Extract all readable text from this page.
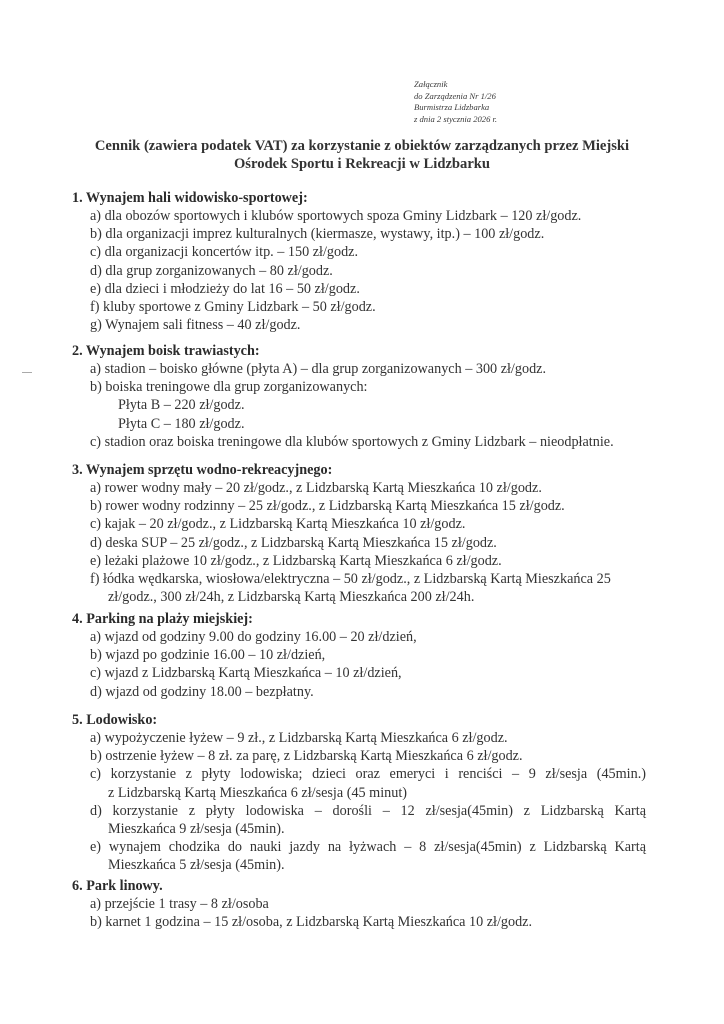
Załącznik
do Zarządzenia Nr 1/26
Burmistrza Lidzbarka
z dnia 2 stycznia 2026 r.
Cennik (zawiera podatek VAT) za korzystanie z obiektów zarządzanych przez Miejski
Ośrodek Sportu i Rekreacji w Lidzbarku
1. Wynajem hali widowisko-sportowej:
a) dla obozów sportowych i klubów sportowych spoza Gminy Lidzbark – 120 zł/godz.
b) dla organizacji imprez kulturalnych (kiermasze, wystawy, itp.) – 100 zł/godz.
c) dla organizacji koncertów itp. – 150 zł/godz.
d) dla grup zorganizowanych – 80 zł/godz.
e) dla dzieci i młodzieży do lat 16 – 50 zł/godz.
f) kluby sportowe z Gminy Lidzbark – 50 zł/godz.
g) Wynajem sali fitness – 40 zł/godz.
2. Wynajem boisk trawiastych:
a) stadion – boisko główne (płyta A) – dla grup zorganizowanych – 300 zł/godz.
b) boiska treningowe dla grup zorganizowanych:
Płyta B – 220 zł/godz.
Płyta C – 180 zł/godz.
c) stadion oraz boiska treningowe dla klubów sportowych z Gminy Lidzbark – nieodpłatnie.
3. Wynajem sprzętu wodno-rekreacyjnego:
a) rower wodny mały – 20 zł/godz., z Lidzbarską Kartą Mieszkańca 10 zł/godz.
b) rower wodny rodzinny – 25 zł/godz., z Lidzbarską Kartą Mieszkańca 15 zł/godz.
c) kajak – 20 zł/godz., z Lidzbarską Kartą Mieszkańca 10 zł/godz.
d) deska SUP – 25 zł/godz., z Lidzbarską Kartą Mieszkańca 15 zł/godz.
e) leżaki plażowe 10 zł/godz., z Lidzbarską Kartą Mieszkańca 6 zł/godz.
f) łódka wędkarska, wiosłowa/elektryczna – 50 zł/godz., z Lidzbarską Kartą Mieszkańca 25
zł/godz., 300 zł/24h, z Lidzbarską Kartą Mieszkańca 200 zł/24h.
4. Parking na plaży miejskiej:
a) wjazd od godziny 9.00 do godziny 16.00 – 20 zł/dzień,
b) wjazd po godzinie 16.00 – 10 zł/dzień,
c) wjazd z Lidzbarską Kartą Mieszkańca – 10 zł/dzień,
d) wjazd od godziny 18.00 – bezpłatny.
5. Lodowisko:
a) wypożyczenie łyżew – 9 zł., z Lidzbarską Kartą Mieszkańca 6 zł/godz.
b) ostrzenie łyżew – 8 zł. za parę, z Lidzbarską Kartą Mieszkańca 6 zł/godz.
c) korzystanie z płyty lodowiska; dzieci oraz emeryci i renciści – 9 zł/sesja (45min.)
z Lidzbarską Kartą Mieszkańca 6 zł/sesja (45 minut)
d) korzystanie z płyty lodowiska – dorośli – 12 zł/sesja(45min) z Lidzbarską Kartą
Mieszkańca 9 zł/sesja (45min).
e) wynajem chodzika do nauki jazdy na łyżwach – 8 zł/sesja(45min) z Lidzbarską Kartą
Mieszkańca 5 zł/sesja (45min).
6. Park linowy.
a) przejście 1 trasy – 8 zł/osoba
b) karnet 1 godzina – 15 zł/osoba, z Lidzbarską Kartą Mieszkańca 10 zł/godz.
